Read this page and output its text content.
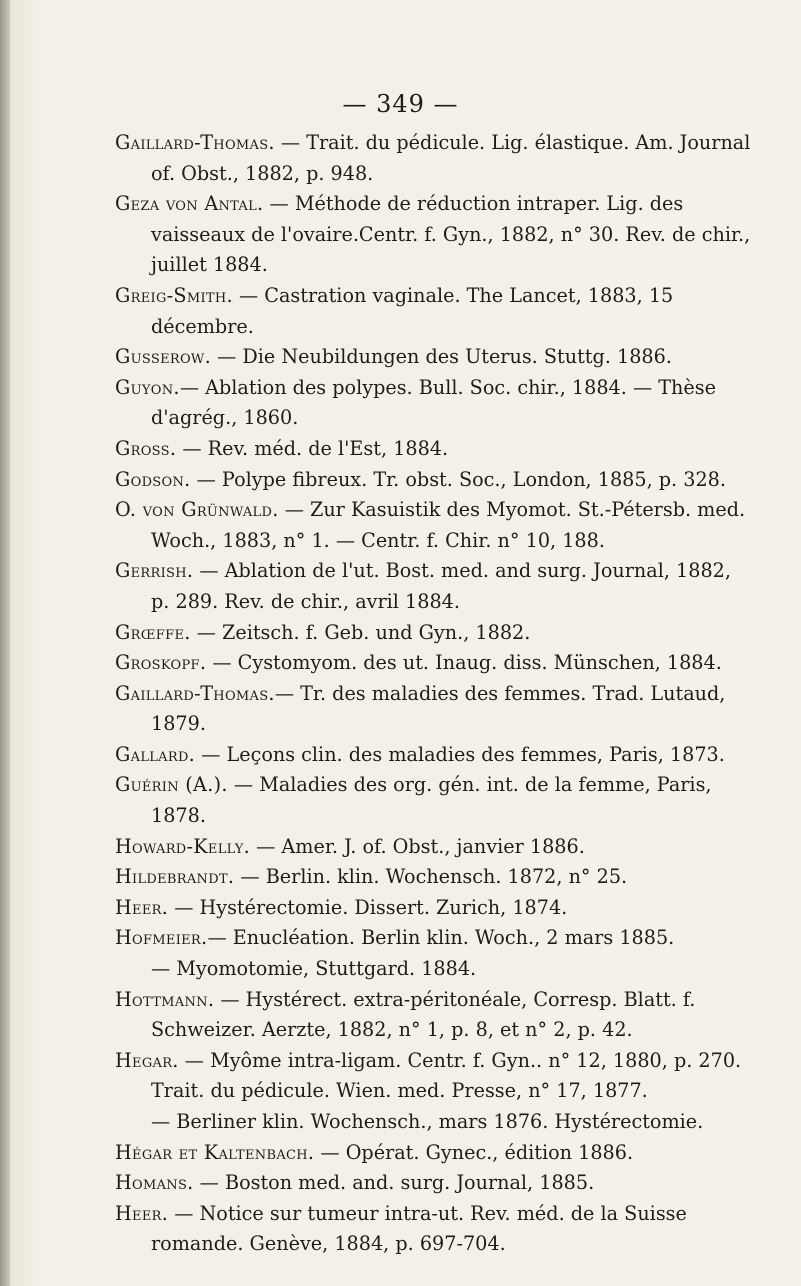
— 349 —

Gaillard-Thomas. — Trait. du pédicule. Lig. élastique. Am. Journal of. Obst., 1882, p. 948.

Geza von Antal. — Méthode de réduction intraper. Lig. des vaisseaux de l'ovaire.Centr. f. Gyn., 1882, n° 30. Rev. de chir., juillet 1884.

Greig-Smith. — Castration vaginale. The Lancet, 1883, 15 décembre.

Gusserow. — Die Neubildungen des Uterus. Stuttg. 1886.

Guyon.— Ablation des polypes. Bull. Soc. chir., 1884. — Thèse d'agrég., 1860.

Gross. — Rev. méd. de l'Est, 1884.

Godson. — Polype fibreux. Tr. obst. Soc., London, 1885, p. 328.

O. von Grünwald. — Zur Kasuistik des Myomot. St.-Pétersb. med. Woch., 1883, n° 1. — Centr. f. Chir. n° 10, 188.

Gerrish. — Ablation de l'ut. Bost. med. and surg. Journal, 1882, p. 289. Rev. de chir., avril 1884.

Grœffe. — Zeitsch. f. Geb. und Gyn., 1882.

Groskopf. — Cystomyom. des ut. Inaug. diss. Münschen, 1884.

Gaillard-Thomas.— Tr. des maladies des femmes. Trad. Lutaud, 1879.

Gallard. — Leçons clin. des maladies des femmes, Paris, 1873.

Guérin (A.). — Maladies des org. gén. int. de la femme, Paris, 1878.

Howard-Kelly. — Amer. J. of. Obst., janvier 1886.

Hildebrandt. — Berlin. klin. Wochensch. 1872, n° 25.

Heer. — Hystérectomie. Dissert. Zurich, 1874.

Hofmeier.— Enucléation. Berlin klin. Woch., 2 mars 1885.

— Myomotomie, Stuttgard. 1884.

Hottmann. — Hystérect. extra-péritonéale, Corresp. Blatt. f. Schweizer. Aerzte, 1882, n° 1, p. 8, et n° 2, p. 42.

Hegar. — Myôme intra-ligam. Centr. f. Gyn.. n° 12, 1880, p. 270. Trait. du pédicule. Wien. med. Presse, n° 17, 1877.

— Berliner klin. Wochensch., mars 1876. Hystérectomie.

Hégar et Kaltenbach. — Opérat. Gynec., édition 1886.

Homans. — Boston med. and. surg. Journal, 1885.

Heer. — Notice sur tumeur intra-ut. Rev. méd. de la Suisse romande. Genève, 1884, p. 697-704.
